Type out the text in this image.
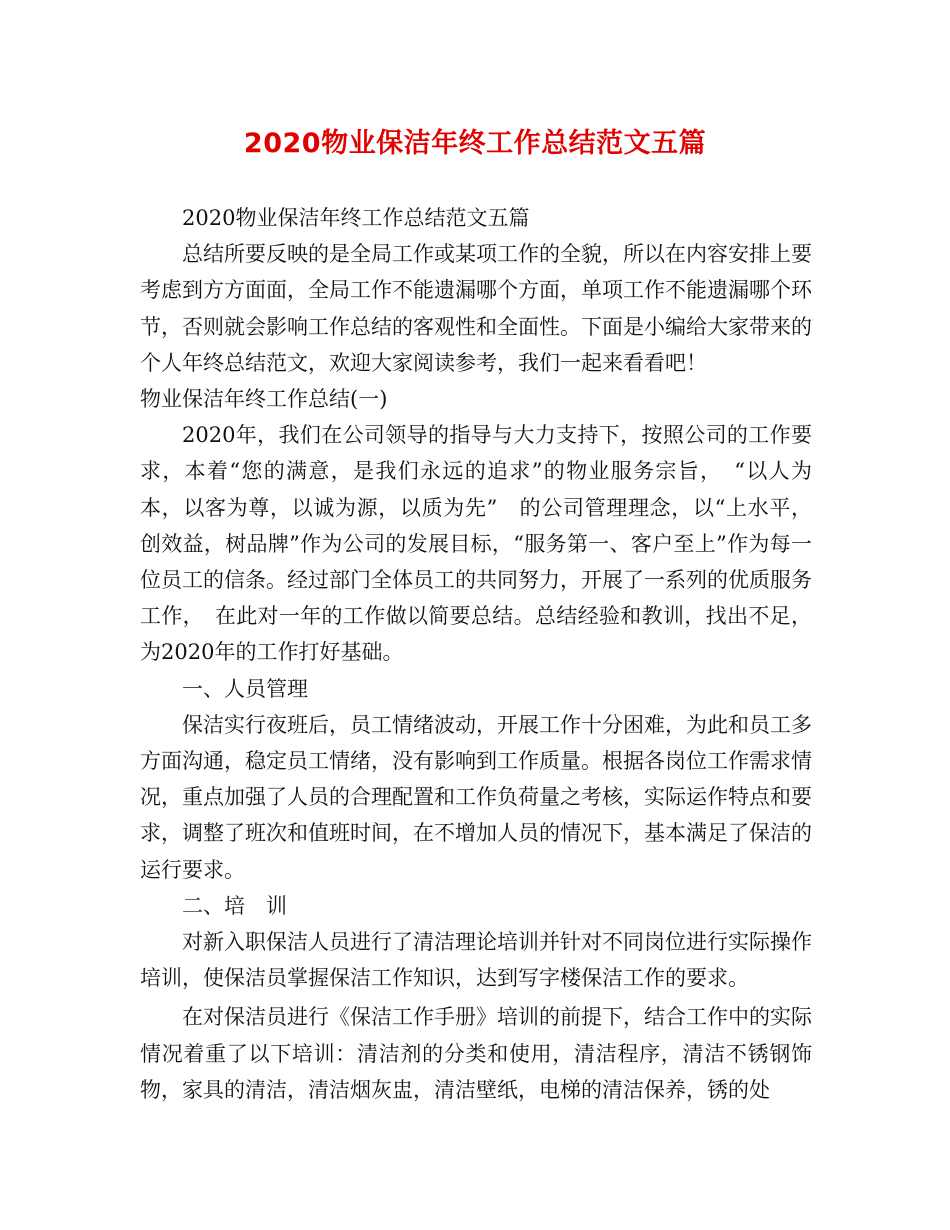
2020物业保洁年终工作总结范文五篇

2020物业保洁年终工作总结范文五篇

总结所要反映的是全局工作或某项工作的全貌，所以在内容安排上要考虑到方方面面，全局工作不能遗漏哪个方面，单项工作不能遗漏哪个环节，否则就会影响工作总结的客观性和全面性。下面是小编给大家带来的个人年终总结范文，欢迎大家阅读参考，我们一起来看看吧！

物业保洁年终工作总结(一)

2020年，我们在公司领导的指导与大力支持下，按照公司的工作要求，本着“您的满意，是我们永远的追求”的物业服务宗旨，　“以人为本，以客为尊，以诚为源，以质为先”　的公司管理理念，以“上水平，创效益，树品牌”作为公司的发展目标，“服务第一、客户至上”作为每一位员工的信条。经过部门全体员工的共同努力，开展了一系列的优质服务工作，　在此对一年的工作做以简要总结。总结经验和教训，找出不足，为2020年的工作打好基础。

一、人员管理

保洁实行夜班后，员工情绪波动，开展工作十分困难，为此和员工多方面沟通，稳定员工情绪，没有影响到工作质量。根据各岗位工作需求情况，重点加强了人员的合理配置和工作负荷量之考核，实际运作特点和要求，调整了班次和值班时间，在不增加人员的情况下，基本满足了保洁的运行要求。

二、培　训

对新入职保洁人员进行了清洁理论培训并针对不同岗位进行实际操作培训，使保洁员掌握保洁工作知识，达到写字楼保洁工作的要求。

在对保洁员进行《保洁工作手册》培训的前提下，结合工作中的实际情况着重了以下培训：清洁剂的分类和使用，清洁程序，清洁不锈钢饰物，家具的清洁，清洁烟灰盅，清洁壁纸，电梯的清洁保养，锈的处
